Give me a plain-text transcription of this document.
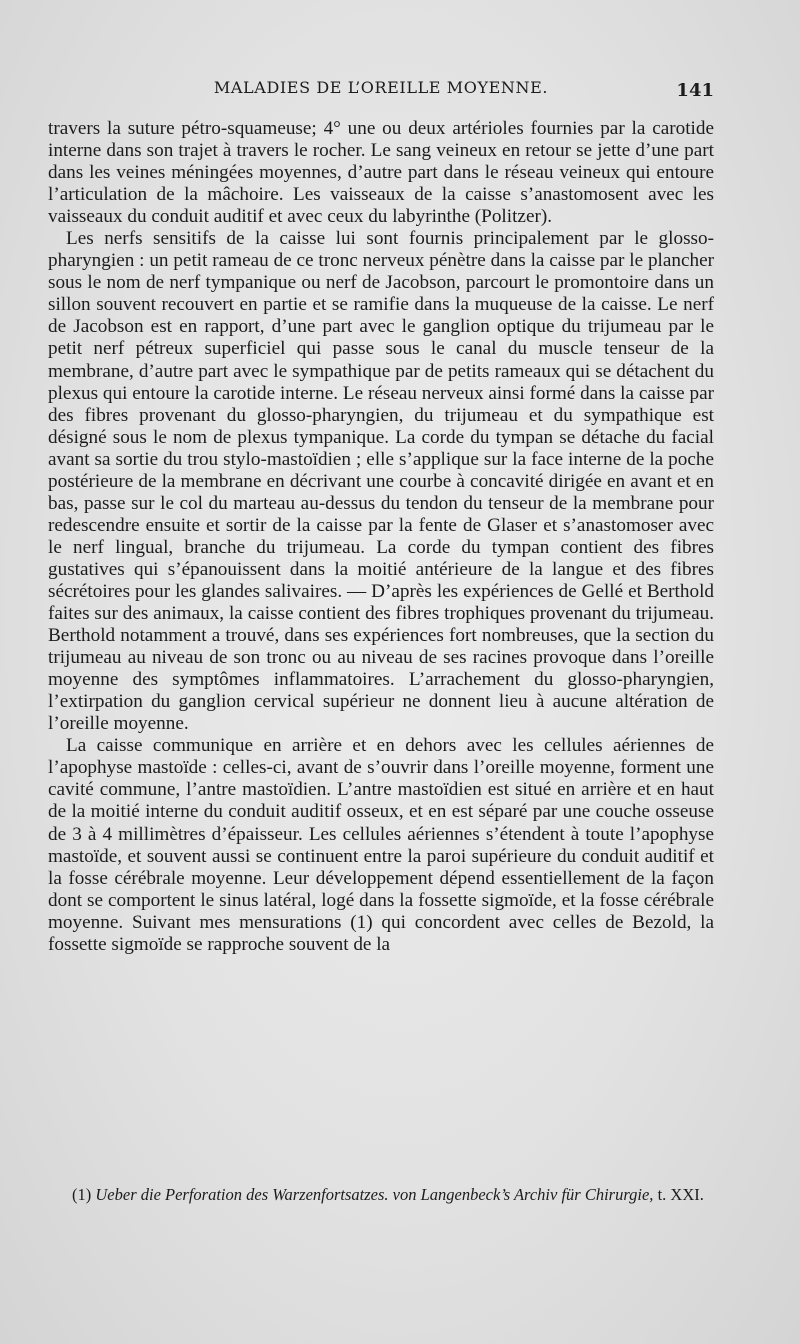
MALADIES DE L’OREILLE MOYENNE.	141

travers la suture pétro-squameuse; 4° une ou deux artérioles fournies par la carotide interne dans son trajet à travers le rocher. Le sang veineux en retour se jette d’une part dans les veines méningées moyennes, d’autre part dans le réseau veineux qui entoure l’articulation de la mâchoire. Les vaisseaux de la caisse s’anastomosent avec les vaisseaux du conduit auditif et avec ceux du labyrinthe (Politzer).

Les nerfs sensitifs de la caisse lui sont fournis principalement par le glosso-pharyngien : un petit rameau de ce tronc nerveux pénètre dans la caisse par le plancher sous le nom de nerf tympanique ou nerf de Jacobson, parcourt le promontoire dans un sillon souvent recouvert en partie et se ramifie dans la muqueuse de la caisse. Le nerf de Jacobson est en rapport, d’une part avec le ganglion optique du trijumeau par le petit nerf pétreux superficiel qui passe sous le canal du muscle tenseur de la membrane, d’autre part avec le sympathique par de petits rameaux qui se détachent du plexus qui entoure la carotide interne. Le réseau nerveux ainsi formé dans la caisse par des fibres provenant du glosso-pharyngien, du trijumeau et du sympathique est désigné sous le nom de plexus tympanique. La corde du tympan se détache du facial avant sa sortie du trou stylo-mastoïdien ; elle s’applique sur la face interne de la poche postérieure de la membrane en décrivant une courbe à concavité dirigée en avant et en bas, passe sur le col du marteau au-dessus du tendon du tenseur de la membrane pour redescendre ensuite et sortir de la caisse par la fente de Glaser et s’anastomoser avec le nerf lingual, branche du trijumeau. La corde du tympan contient des fibres gustatives qui s’épanouissent dans la moitié antérieure de la langue et des fibres sécrétoires pour les glandes salivaires. — D’après les expériences de Gellé et Berthold faites sur des animaux, la caisse contient des fibres trophiques provenant du trijumeau. Berthold notamment a trouvé, dans ses expériences fort nombreuses, que la section du trijumeau au niveau de son tronc ou au niveau de ses racines provoque dans l’oreille moyenne des symptômes inflammatoires. L’arrachement du glosso-pharyngien, l’extirpation du ganglion cervical supérieur ne donnent lieu à aucune altération de l’oreille moyenne.

La caisse communique en arrière et en dehors avec les cellules aériennes de l’apophyse mastoïde : celles-ci, avant de s’ouvrir dans l’oreille moyenne, forment une cavité commune, l’antre mastoïdien. L’antre mastoïdien est situé en arrière et en haut de la moitié interne du conduit auditif osseux, et en est séparé par une couche osseuse de 3 à 4 millimètres d’épaisseur. Les cellules aériennes s’étendent à toute l’apophyse mastoïde, et souvent aussi se continuent entre la paroi supérieure du conduit auditif et la fosse cérébrale moyenne. Leur développement dépend essentiellement de la façon dont se comportent le sinus latéral, logé dans la fossette sigmoïde, et la fosse cérébrale moyenne. Suivant mes mensurations (1) qui concordent avec celles de Bezold, la fossette sigmoïde se rapproche souvent de la

(1) Ueber die Perforation des Warzenfortsatzes. von Langenbeck’s Archiv für Chirurgie, t. XXI.
